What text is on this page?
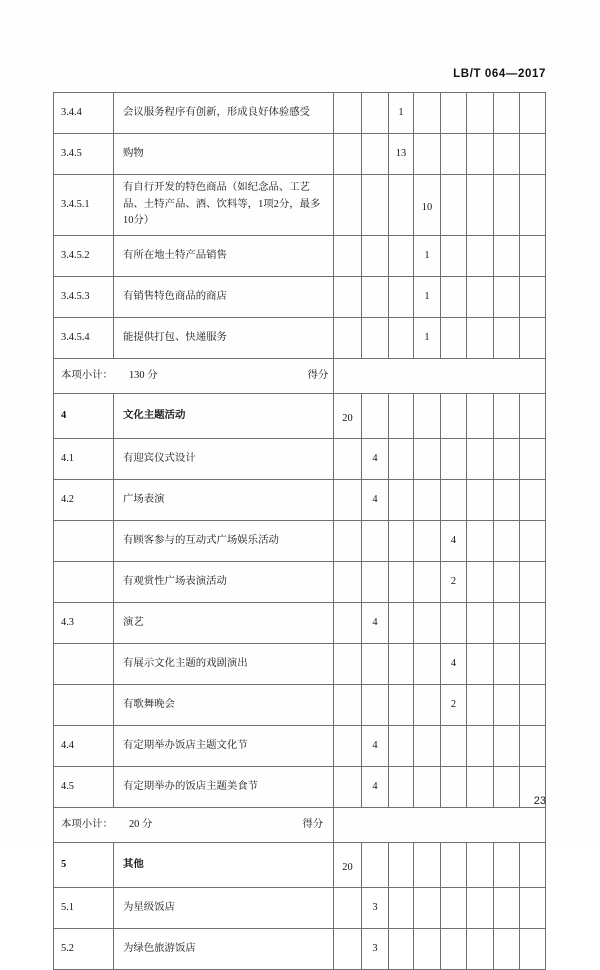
LB/T 064—2017
3.4.4	会议服务程序有创新，形成良好体验感受			1					
3.4.5	购物			13					
3.4.5.1	有自行开发的特色商品（如纪念品、工艺品、土特产品、酒、饮料等，1项2分，最多10分）				10				
3.4.5.2	有所在地土特产品销售				1				
3.4.5.3	有销售特色商品的商店				1				
3.4.5.4	能提供打包、快递服务				1				

本项小计： 130 分 得分									

4	文化主题活动	20							
4.1	有迎宾仪式设计		4						
4.2	广场表演		4						
	有顾客参与的互动式广场娱乐活动					4			
	有观赏性广场表演活动					2			
4.3	演艺		4						
	有展示文化主题的戏剧演出					4			
	有歌舞晚会					2			
4.4	有定期举办饭店主题文化节		4						
4.5	有定期举办的饭店主题美食节		4						

本项小计： 20 分 得分									

5	其他	20							
5.1	为星级饭店		3						
5.2	为绿色旅游饭店		3						
23
